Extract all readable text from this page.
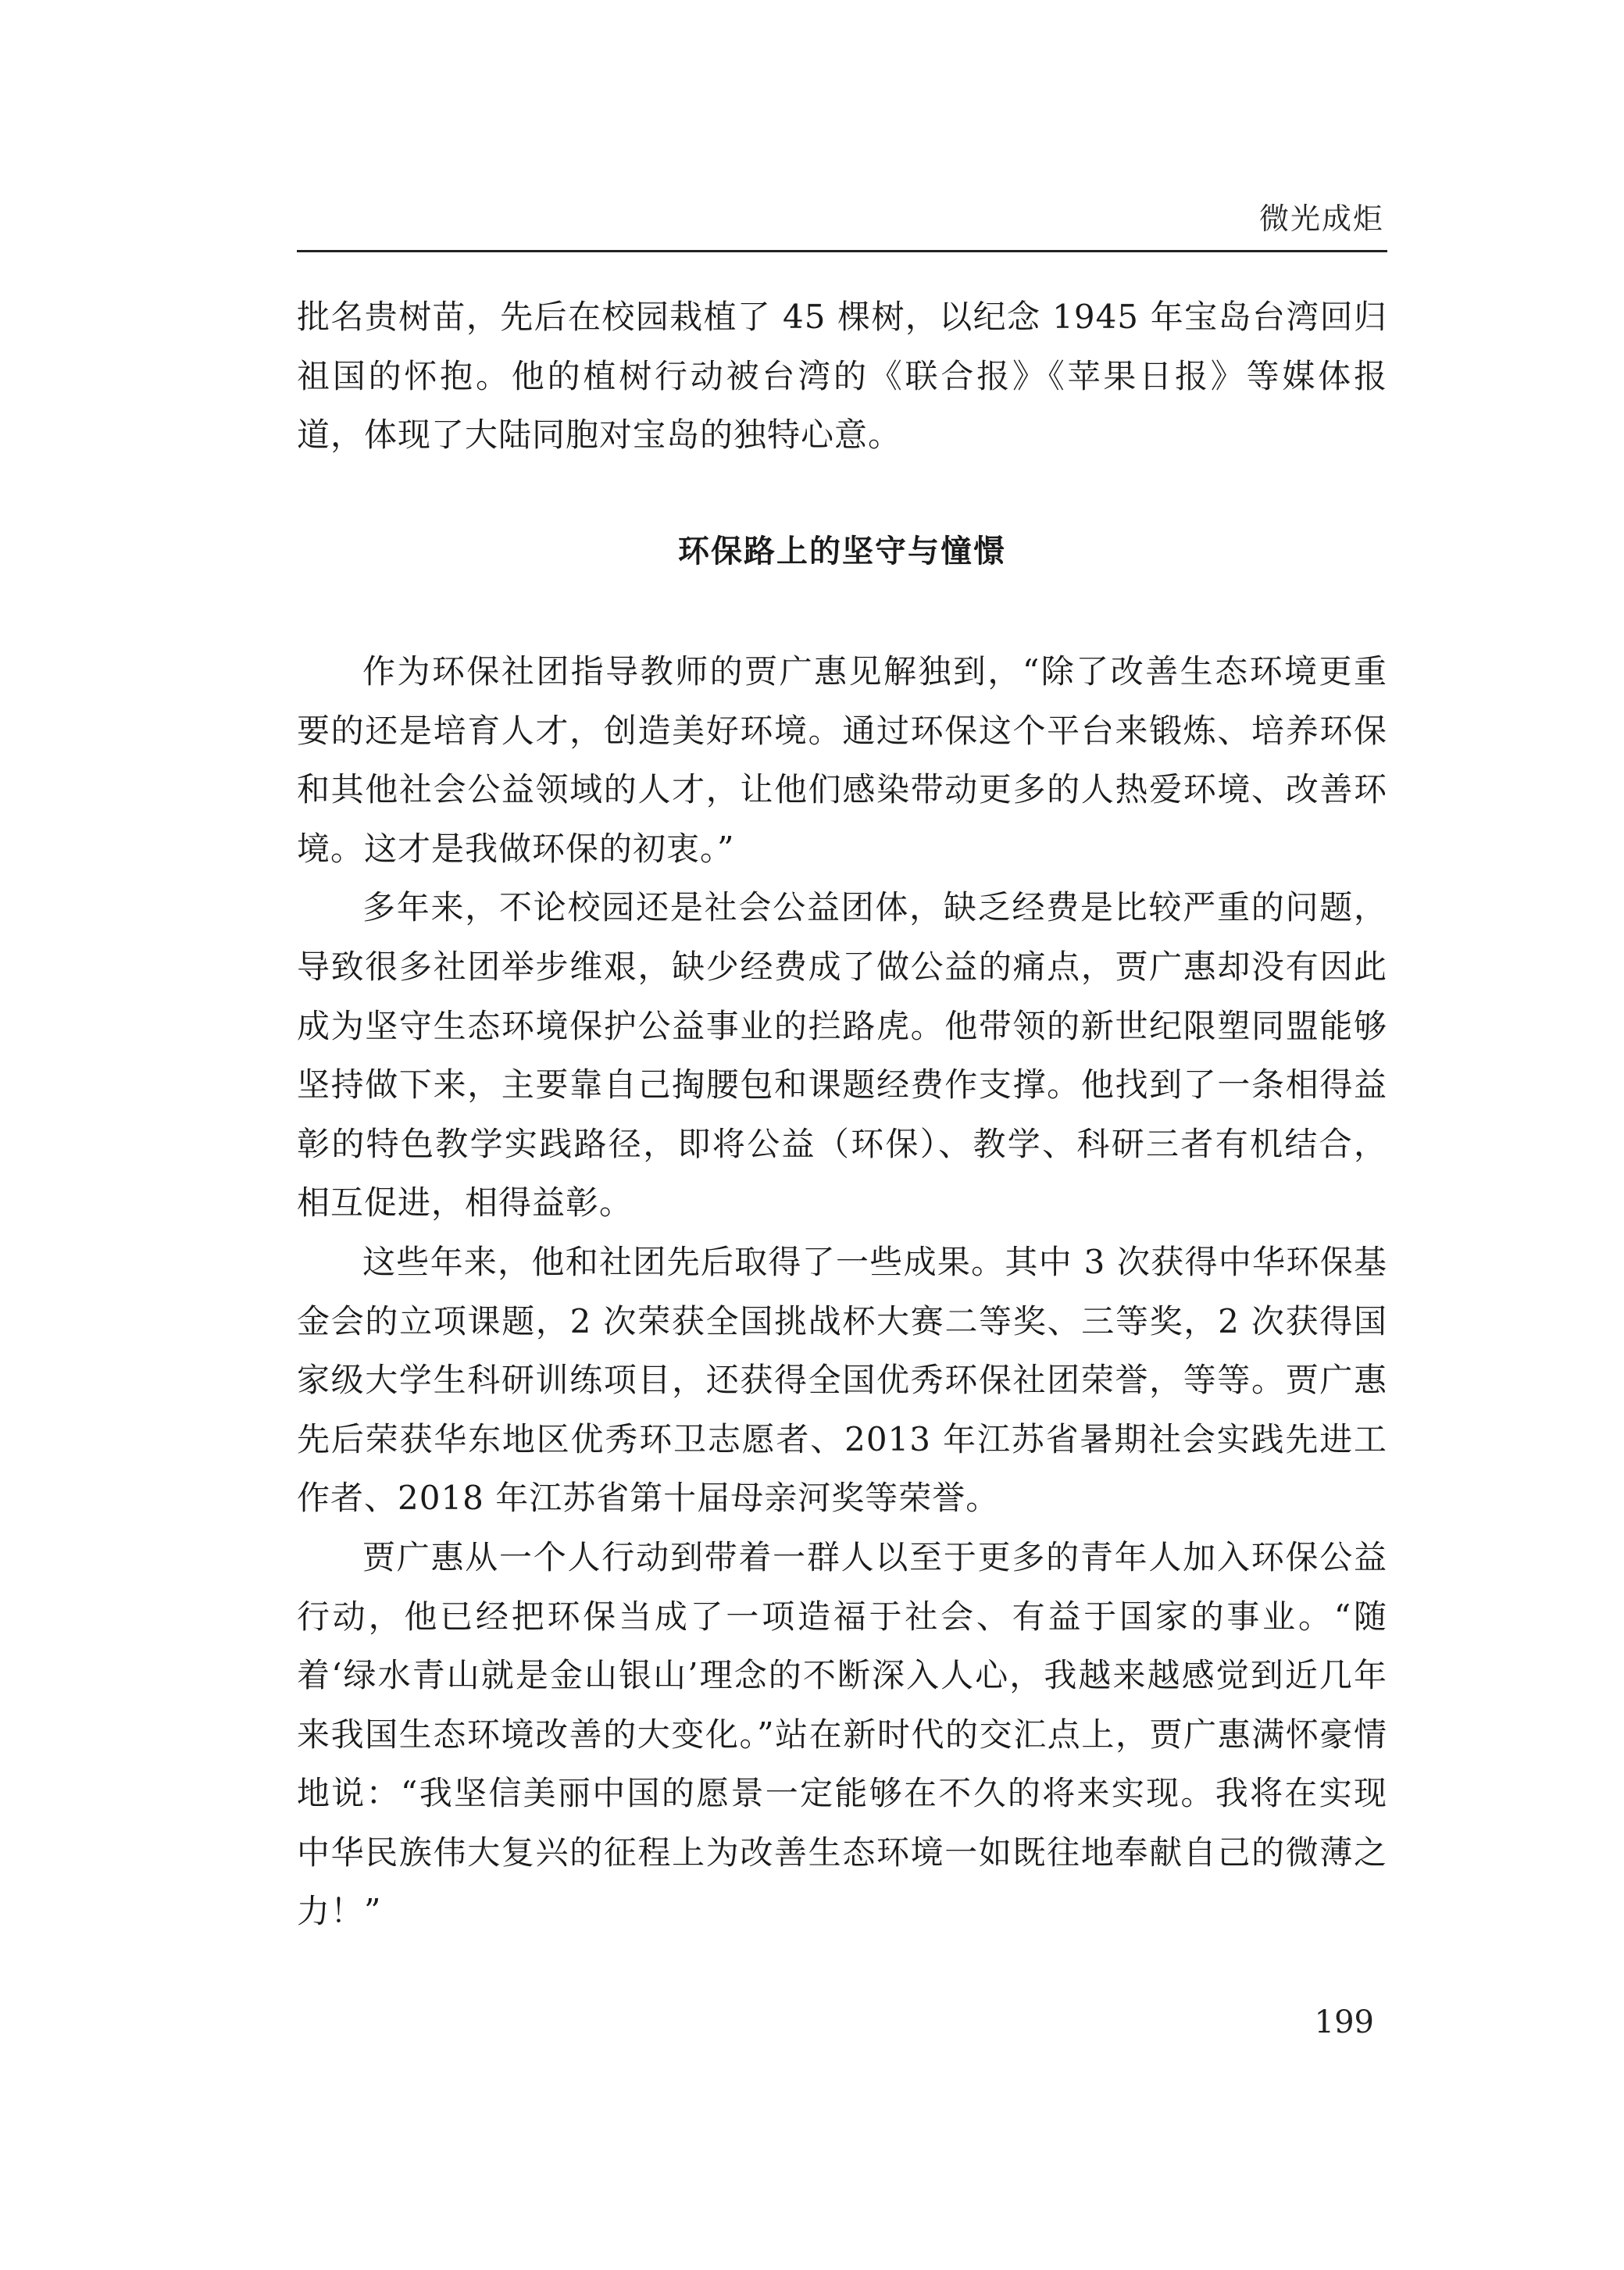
微光成炬

批名贵树苗，先后在校园栽植了 45 棵树，以纪念 1945 年宝岛台湾回归祖国的怀抱。他的植树行动被台湾的《联合报》《苹果日报》等媒体报道，体现了大陆同胞对宝岛的独特心意。

环保路上的坚守与憧憬

作为环保社团指导教师的贾广惠见解独到，“除了改善生态环境更重要的还是培育人才，创造美好环境。通过环保这个平台来锻炼、培养环保和其他社会公益领域的人才，让他们感染带动更多的人热爱环境、改善环境。这才是我做环保的初衷。”

多年来，不论校园还是社会公益团体，缺乏经费是比较严重的问题，导致很多社团举步维艰，缺少经费成了做公益的痛点，贾广惠却没有因此成为坚守生态环境保护公益事业的拦路虎。他带领的新世纪限塑同盟能够坚持做下来，主要靠自己掏腰包和课题经费作支撑。他找到了一条相得益彰的特色教学实践路径，即将公益（环保）、教学、科研三者有机结合，相互促进，相得益彰。

这些年来，他和社团先后取得了一些成果。其中 3 次获得中华环保基金会的立项课题，2 次荣获全国挑战杯大赛二等奖、三等奖，2 次获得国家级大学生科研训练项目，还获得全国优秀环保社团荣誉，等等。贾广惠先后荣获华东地区优秀环卫志愿者、2013 年江苏省暑期社会实践先进工作者、2018 年江苏省第十届母亲河奖等荣誉。

贾广惠从一个人行动到带着一群人以至于更多的青年人加入环保公益行动，他已经把环保当成了一项造福于社会、有益于国家的事业。“随着‘绿水青山就是金山银山’理念的不断深入人心，我越来越感觉到近几年来我国生态环境改善的大变化。”站在新时代的交汇点上，贾广惠满怀豪情地说：“我坚信美丽中国的愿景一定能够在不久的将来实现。我将在实现中华民族伟大复兴的征程上为改善生态环境一如既往地奉献自己的微薄之力！”

199
